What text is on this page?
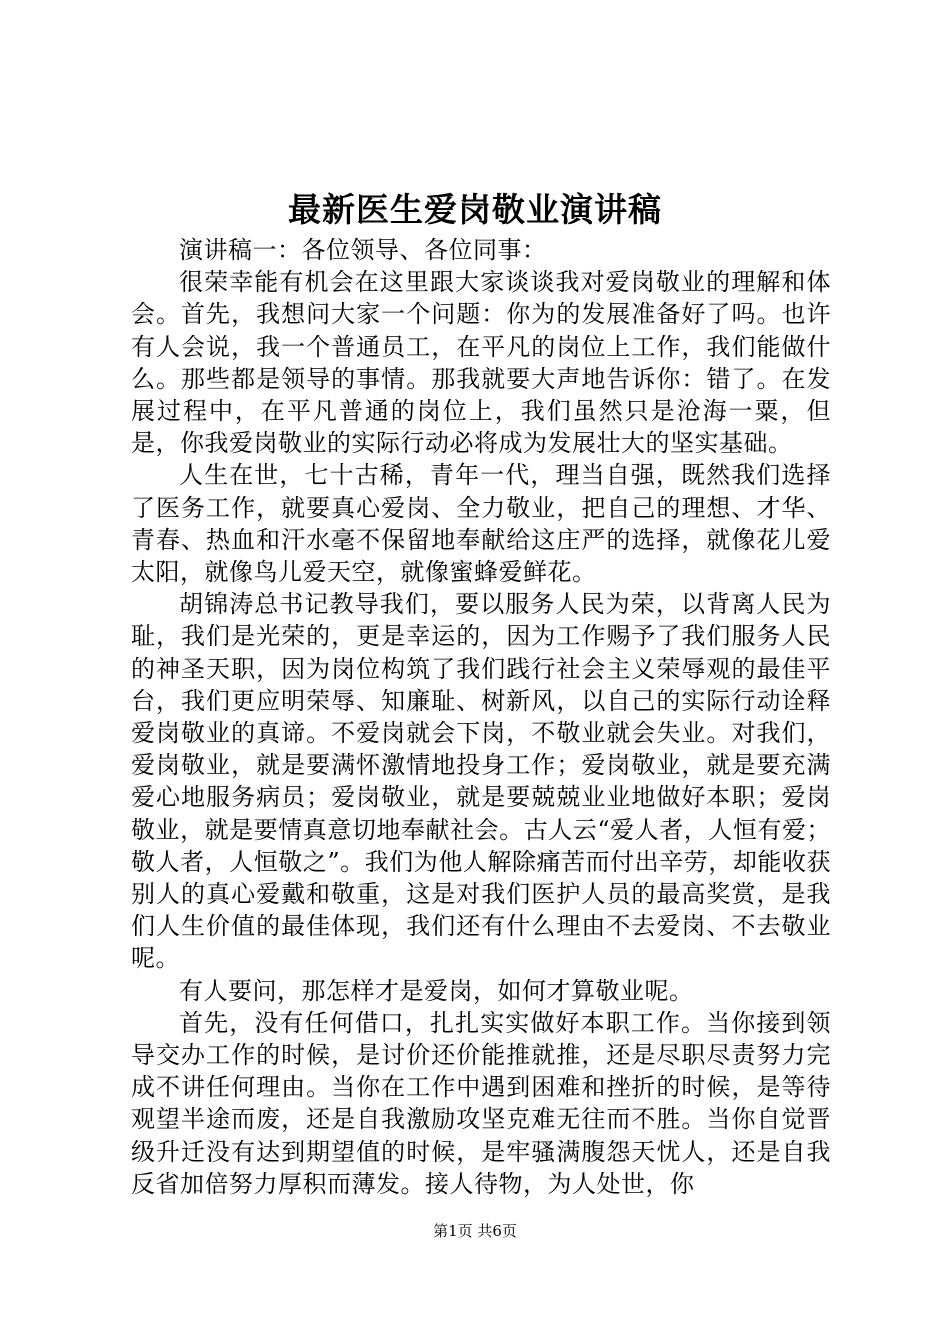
最新医生爱岗敬业演讲稿

演讲稿一：各位领导、各位同事：

很荣幸能有机会在这里跟大家谈谈我对爱岗敬业的理解和体会。首先，我想问大家一个问题：你为的发展准备好了吗。也许有人会说，我一个普通员工，在平凡的岗位上工作，我们能做什么。那些都是领导的事情。那我就要大声地告诉你：错了。在发展过程中，在平凡普通的岗位上，我们虽然只是沧海一粟，但是，你我爱岗敬业的实际行动必将成为发展壮大的坚实基础。

人生在世，七十古稀，青年一代，理当自强，既然我们选择了医务工作，就要真心爱岗、全力敬业，把自己的理想、才华、青春、热血和汗水毫不保留地奉献给这庄严的选择，就像花儿爱太阳，就像鸟儿爱天空，就像蜜蜂爱鲜花。

胡锦涛总书记教导我们，要以服务人民为荣，以背离人民为耻，我们是光荣的，更是幸运的，因为工作赐予了我们服务人民的神圣天职，因为岗位构筑了我们践行社会主义荣辱观的最佳平台，我们更应明荣辱、知廉耻、树新风，以自己的实际行动诠释爱岗敬业的真谛。不爱岗就会下岗，不敬业就会失业。对我们，爱岗敬业，就是要满怀激情地投身工作；爱岗敬业，就是要充满爱心地服务病员；爱岗敬业，就是要兢兢业业地做好本职；爱岗敬业，就是要情真意切地奉献社会。古人云“爱人者，人恒有爱；敬人者，人恒敬之”。我们为他人解除痛苦而付出辛劳，却能收获别人的真心爱戴和敬重，这是对我们医护人员的最高奖赏，是我们人生价值的最佳体现，我们还有什么理由不去爱岗、不去敬业呢。

有人要问，那怎样才是爱岗，如何才算敬业呢。

首先，没有任何借口，扎扎实实做好本职工作。当你接到领导交办工作的时候，是讨价还价能推就推，还是尽职尽责努力完成不讲任何理由。当你在工作中遇到困难和挫折的时候，是等待观望半途而废，还是自我激励攻坚克难无往而不胜。当你自觉晋级升迁没有达到期望值的时候，是牢骚满腹怨天忧人，还是自我反省加倍努力厚积而薄发。接人待物，为人处世，你

第1页 共6页
